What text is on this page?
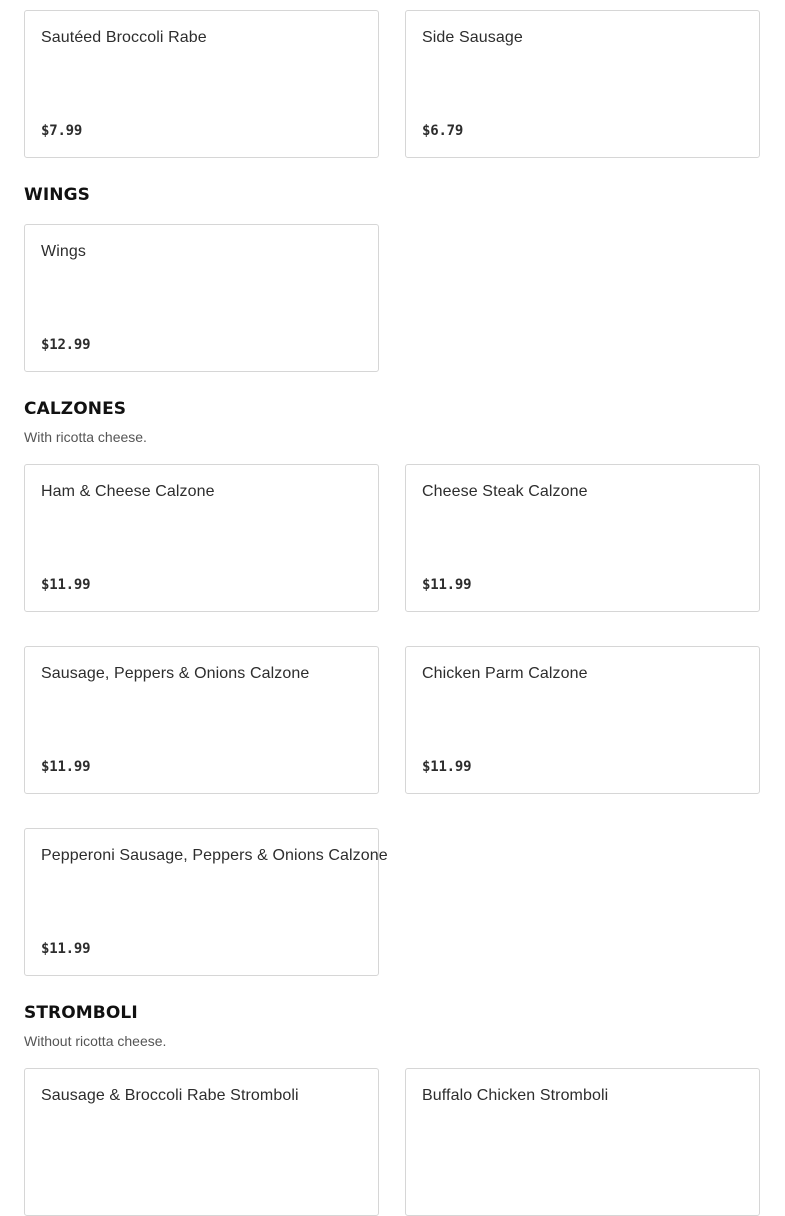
Sautéed Broccoli Rabe
$7.99
Side Sausage
$6.79
WINGS
Wings
$12.99
CALZONES
With ricotta cheese.
Ham & Cheese Calzone
$11.99
Cheese Steak Calzone
$11.99
Sausage, Peppers & Onions Calzone
$11.99
Chicken Parm Calzone
$11.99
Pepperoni Sausage, Peppers & Onions Calzone
$11.99
STROMBOLI
Without ricotta cheese.
Sausage & Broccoli Rabe Stromboli	Buffalo Chicken Stromboli
